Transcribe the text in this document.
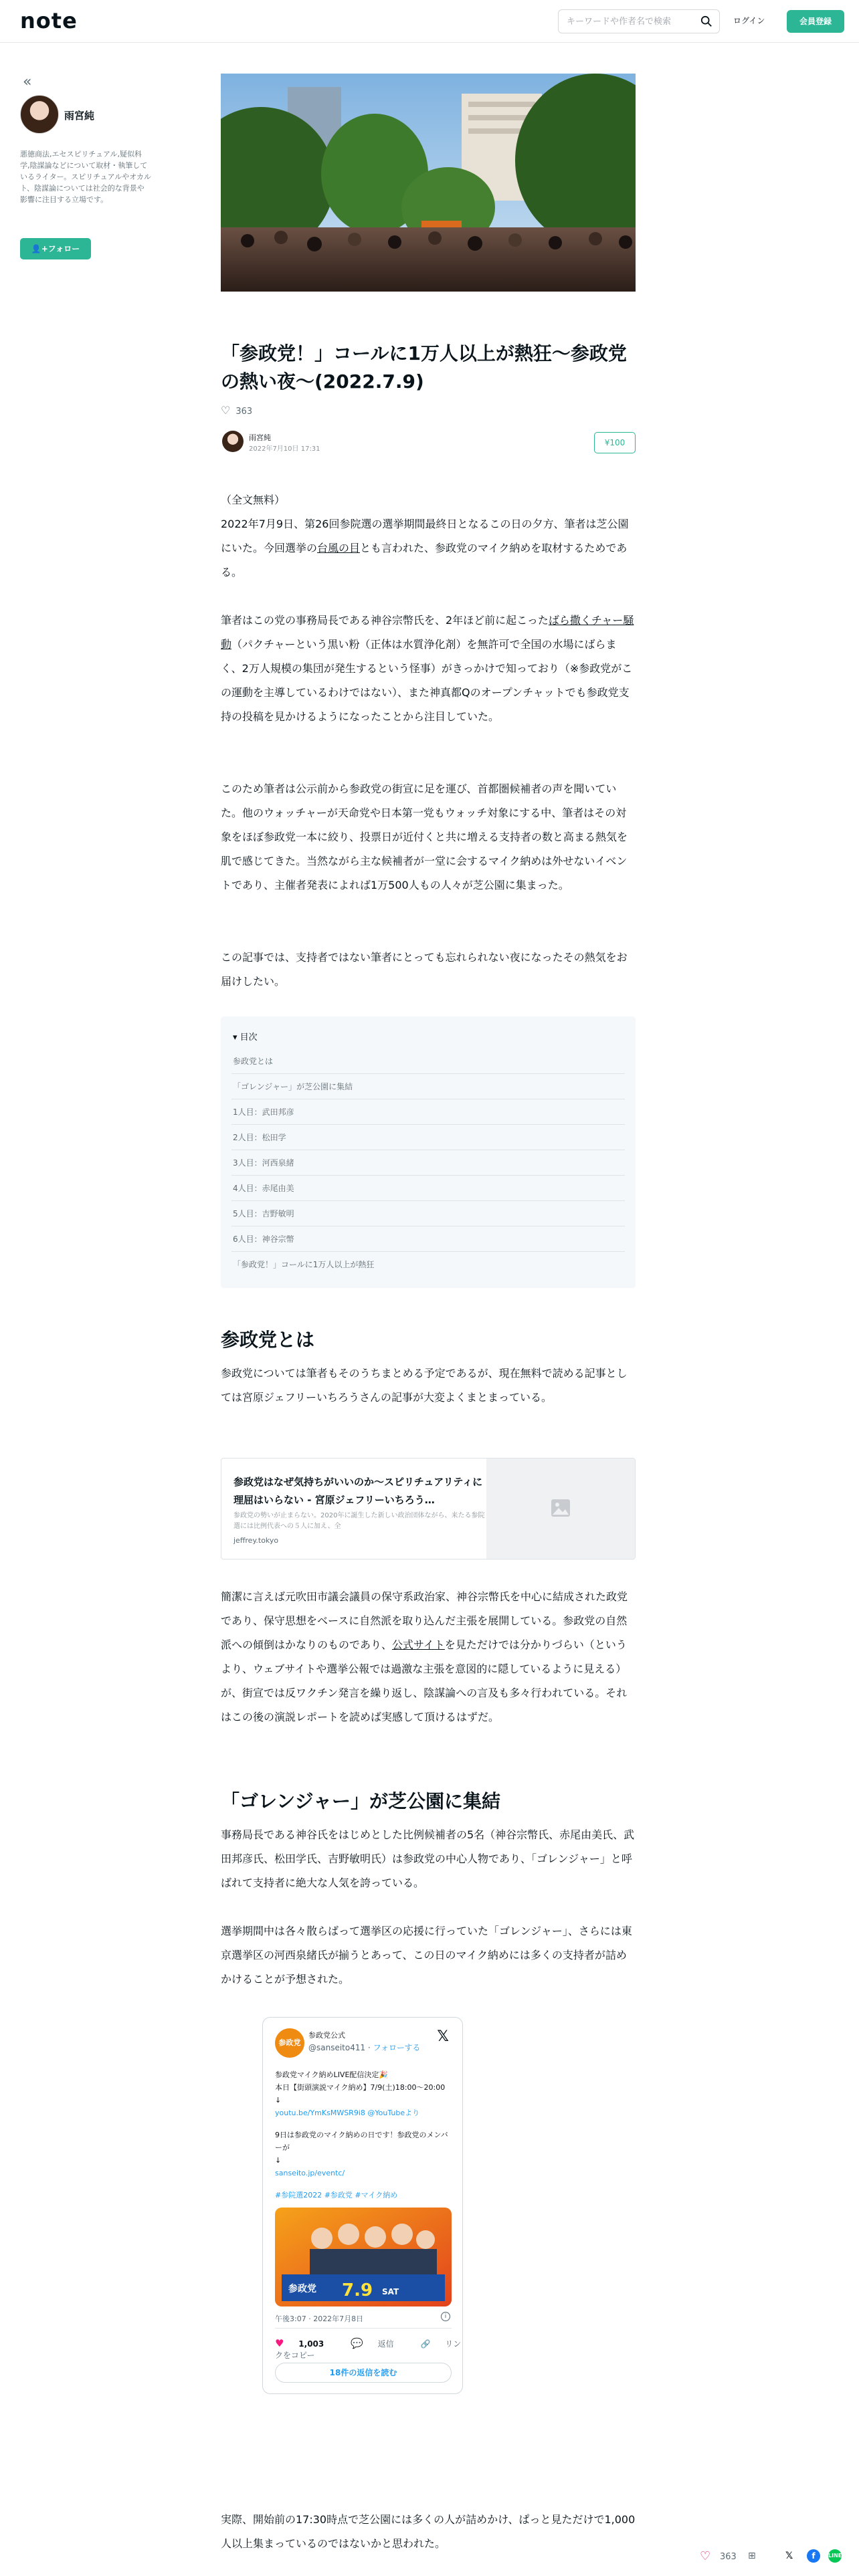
note
キーワードや作者名で検索	ログイン	会員登録
«
雨宮純
悪徳商法,エセスピリチュアル,疑似科学,陰謀論などについて取材・執筆しているライター。スピリチュアルやオカルト、陰謀論については社会的な背景や影響に注目する立場です。
👤+フォロー
「参政党！」コールに1万人以上が熱狂〜参政党の熱い夜〜(2022.7.9)
♡ 363
雨宮純
2022年7月10日 17:31
¥100
（全文無料）
2022年7月9日、第26回参院選の選挙期間最終日となるこの日の夕方、筆者は芝公園にいた。今回選挙の台風の目とも言われた、参政党のマイク納めを取材するためである。
筆者はこの党の事務局長である神谷宗幣氏を、2年ほど前に起こったばら撒くチャー騒動（パクチャーという黒い粉（正体は水質浄化剤）を無許可で全国の水場にばらまく、2万人規模の集団が発生するという怪事）がきっかけで知っており（※参政党がこの運動を主導しているわけではない）、また神真都Qのオープンチャットでも参政党支持の投稿を見かけるようになったことから注目していた。
このため筆者は公示前から参政党の街宣に足を運び、首都圏候補者の声を聞いていた。他のウォッチャーが天命党や日本第一党もウォッチ対象にする中、筆者はその対象をほぼ参政党一本に絞り、投票日が近付くと共に増える支持者の数と高まる熱気を肌で感じてきた。当然ながら主な候補者が一堂に会するマイク納めは外せないイベントであり、主催者発表によれば1万500人もの人々が芝公園に集まった。
この記事では、支持者ではない筆者にとっても忘れられない夜になったその熱気をお届けしたい。
▾ 目次
参政党とは
「ゴレンジャー」が芝公園に集結
1人目：武田邦彦
2人目：松田学
3人目：河西泉緒
4人目：赤尾由美
5人目：吉野敏明
6人目：神谷宗幣
「参政党！」コールに1万人以上が熱狂
参政党とは
参政党については筆者もそのうちまとめる予定であるが、現在無料で読める記事としては宮原ジェフリーいちろうさんの記事が大変よくまとまっている。
参政党はなぜ気持ちがいいのか〜スピリチュアリティに理屈はいらない - 宮原ジェフリーいちろう…
参政党の勢いが止まらない。2020年に誕生した新しい政治団体ながら、来たる参院選には比例代表への５人に加え、全
jeffrey.tokyo
簡潔に言えば元吹田市議会議員の保守系政治家、神谷宗幣氏を中心に結成された政党であり、保守思想をベースに自然派を取り込んだ主張を展開している。参政党の自然派への傾倒はかなりのものであり、公式サイトを見ただけでは分かりづらい（というより、ウェブサイトや選挙公報では過激な主張を意図的に隠しているように見える）が、街宣では反ワクチン発言を繰り返し、陰謀論への言及も多々行われている。それはこの後の演説レポートを読めば実感して頂けるはずだ。
「ゴレンジャー」が芝公園に集結
事務局長である神谷氏をはじめとした比例候補者の5名（神谷宗幣氏、赤尾由美氏、武田邦彦氏、松田学氏、吉野敏明氏）は参政党の中心人物であり、「ゴレンジャー」と呼ばれて支持者に絶大な人気を誇っている。
選挙期間中は各々散らばって選挙区の応援に行っていた「ゴレンジャー」、さらには東京選挙区の河西泉緒氏が揃うとあって、この日のマイク納めには多くの支持者が詰めかけることが予想された。
参政党
参政党公式
@sanseito411 · フォローする
𝕏
参政党マイク納めLIVE配信決定🎉
本日【街頭演説マイク納め】7/9(土)18:00〜20:00
↓
youtu.be/YmKsMWSR9i8 @YouTubeより
9日は参政党のマイク納めの日です！参政党のメンバーが
↓
sanseito.jp/eventc/
#参院選2022 #参政党 #マイク納め
参政党 7.9 SAT
午後3:07 · 2022年7月8日	i
♥ 1,003	💬 返信	🔗 リンクをコピー
18件の返信を読む
実際、開始前の17:30時点で芝公園には多くの人が詰めかけ、ぱっと見ただけで1,000人以上集まっているのではないかと思われた。
♡ 363 ⊞	𝕏	f	LINE
